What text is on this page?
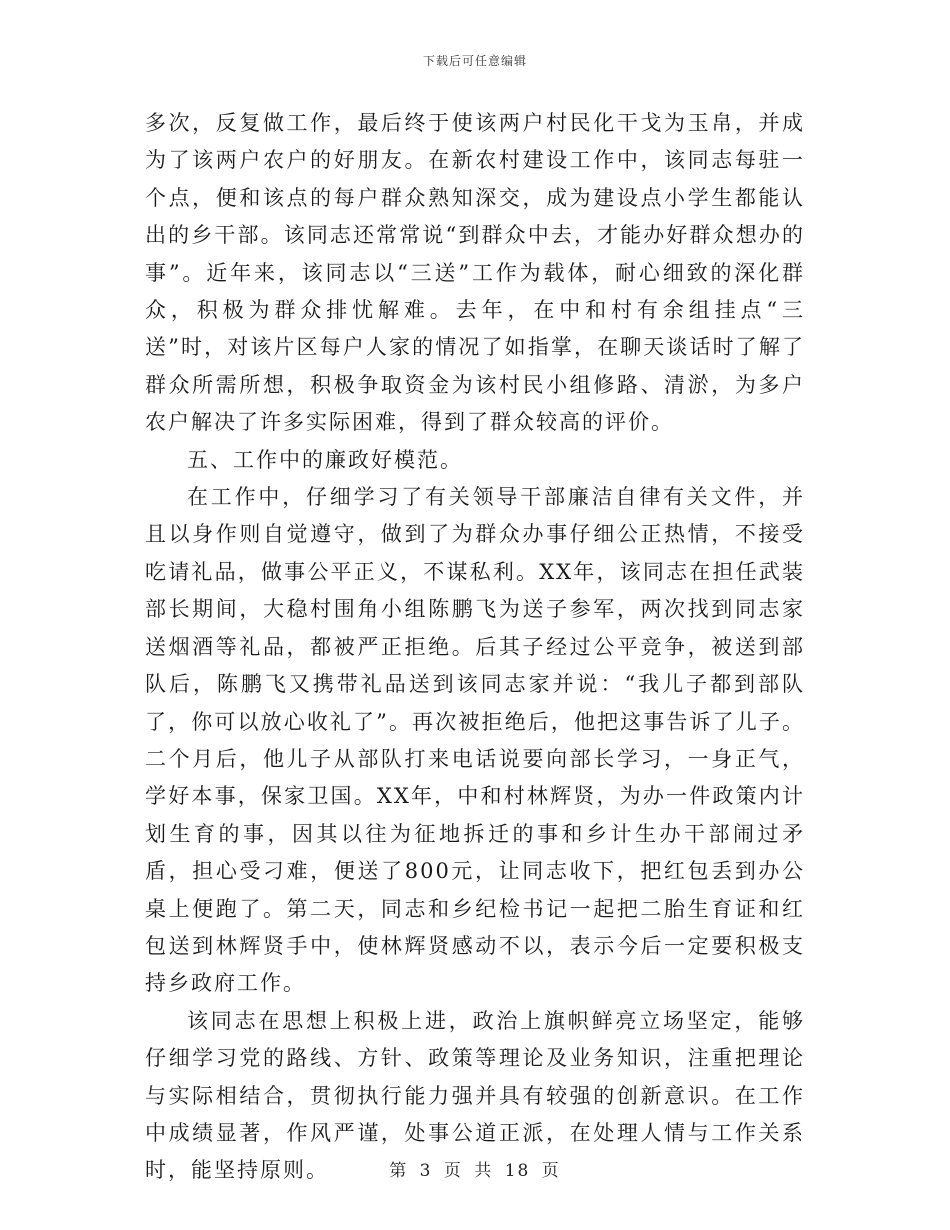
下载后可任意编辑

多次，反复做工作，最后终于使该两户村民化干戈为玉帛，并成为了该两户农户的好朋友。在新农村建设工作中，该同志每驻一个点，便和该点的每户群众熟知深交，成为建设点小学生都能认出的乡干部。该同志还常常说“到群众中去，才能办好群众想办的事”。近年来，该同志以“三送”工作为载体，耐心细致的深化群众，积极为群众排忧解难。去年，在中和村有余组挂点“三送”时，对该片区每户人家的情况了如指掌，在聊天谈话时了解了群众所需所想，积极争取资金为该村民小组修路、清淤，为多户农户解决了许多实际困难，得到了群众较高的评价。

五、工作中的廉政好模范。

在工作中，仔细学习了有关领导干部廉洁自律有关文件，并且以身作则自觉遵守，做到了为群众办事仔细公正热情，不接受吃请礼品，做事公平正义，不谋私利。XX年，该同志在担任武装部长期间，大稳村围角小组陈鹏飞为送子参军，两次找到同志家送烟酒等礼品，都被严正拒绝。后其子经过公平竞争，被送到部队后，陈鹏飞又携带礼品送到该同志家并说：“我儿子都到部队了，你可以放心收礼了”。再次被拒绝后，他把这事告诉了儿子。二个月后，他儿子从部队打来电话说要向部长学习，一身正气，学好本事，保家卫国。XX年，中和村林辉贤，为办一件政策内计划生育的事，因其以往为征地拆迁的事和乡计生办干部闹过矛盾，担心受刁难，便送了800元，让同志收下，把红包丢到办公桌上便跑了。第二天，同志和乡纪检书记一起把二胎生育证和红包送到林辉贤手中，使林辉贤感动不以，表示今后一定要积极支持乡政府工作。

该同志在思想上积极上进，政治上旗帜鲜亮立场坚定，能够仔细学习党的路线、方针、政策等理论及业务知识，注重把理论与实际相结合，贯彻执行能力强并具有较强的创新意识。在工作中成绩显著，作风严谨，处事公道正派，在处理人情与工作关系时，能坚持原则。	第 3 页 共 18 页
